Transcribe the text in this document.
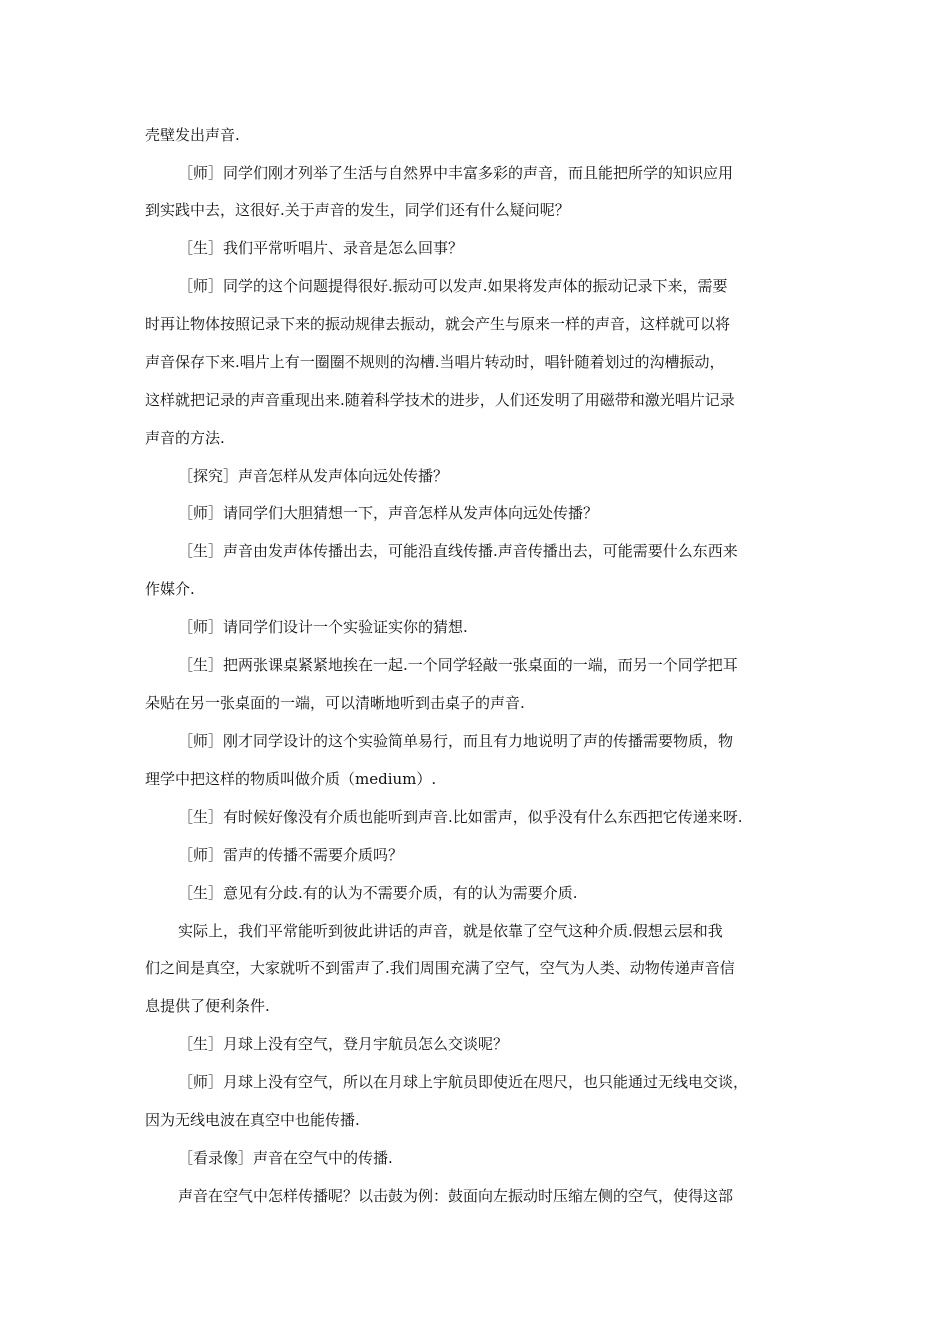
壳壁发出声音.
［师］同学们刚才列举了生活与自然界中丰富多彩的声音，而且能把所学的知识应用
到实践中去，这很好.关于声音的发生，同学们还有什么疑问呢？
［生］我们平常听唱片、录音是怎么回事？
［师］同学的这个问题提得很好.振动可以发声.如果将发声体的振动记录下来，需要
时再让物体按照记录下来的振动规律去振动，就会产生与原来一样的声音，这样就可以将
声音保存下来.唱片上有一圈圈不规则的沟槽.当唱片转动时，唱针随着划过的沟槽振动，
这样就把记录的声音重现出来.随着科学技术的进步，人们还发明了用磁带和激光唱片记录
声音的方法.
［探究］声音怎样从发声体向远处传播？
［师］请同学们大胆猜想一下，声音怎样从发声体向远处传播？
［生］声音由发声体传播出去，可能沿直线传播.声音传播出去，可能需要什么东西来
作媒介.
［师］请同学们设计一个实验证实你的猜想.
［生］把两张课桌紧紧地挨在一起.一个同学轻敲一张桌面的一端，而另一个同学把耳
朵贴在另一张桌面的一端，可以清晰地听到击桌子的声音.
［师］刚才同学设计的这个实验简单易行，而且有力地说明了声的传播需要物质，物
理学中把这样的物质叫做介质（medium）.
［生］有时候好像没有介质也能听到声音.比如雷声，似乎没有什么东西把它传递来呀.
［师］雷声的传播不需要介质吗？
［生］意见有分歧.有的认为不需要介质，有的认为需要介质.
实际上，我们平常能听到彼此讲话的声音，就是依靠了空气这种介质.假想云层和我
们之间是真空，大家就听不到雷声了.我们周围充满了空气，空气为人类、动物传递声音信
息提供了便利条件.
［生］月球上没有空气，登月宇航员怎么交谈呢？
［师］月球上没有空气，所以在月球上宇航员即使近在咫尺，也只能通过无线电交谈，
因为无线电波在真空中也能传播.
［看录像］声音在空气中的传播.
声音在空气中怎样传播呢？以击鼓为例：鼓面向左振动时压缩左侧的空气，使得这部
